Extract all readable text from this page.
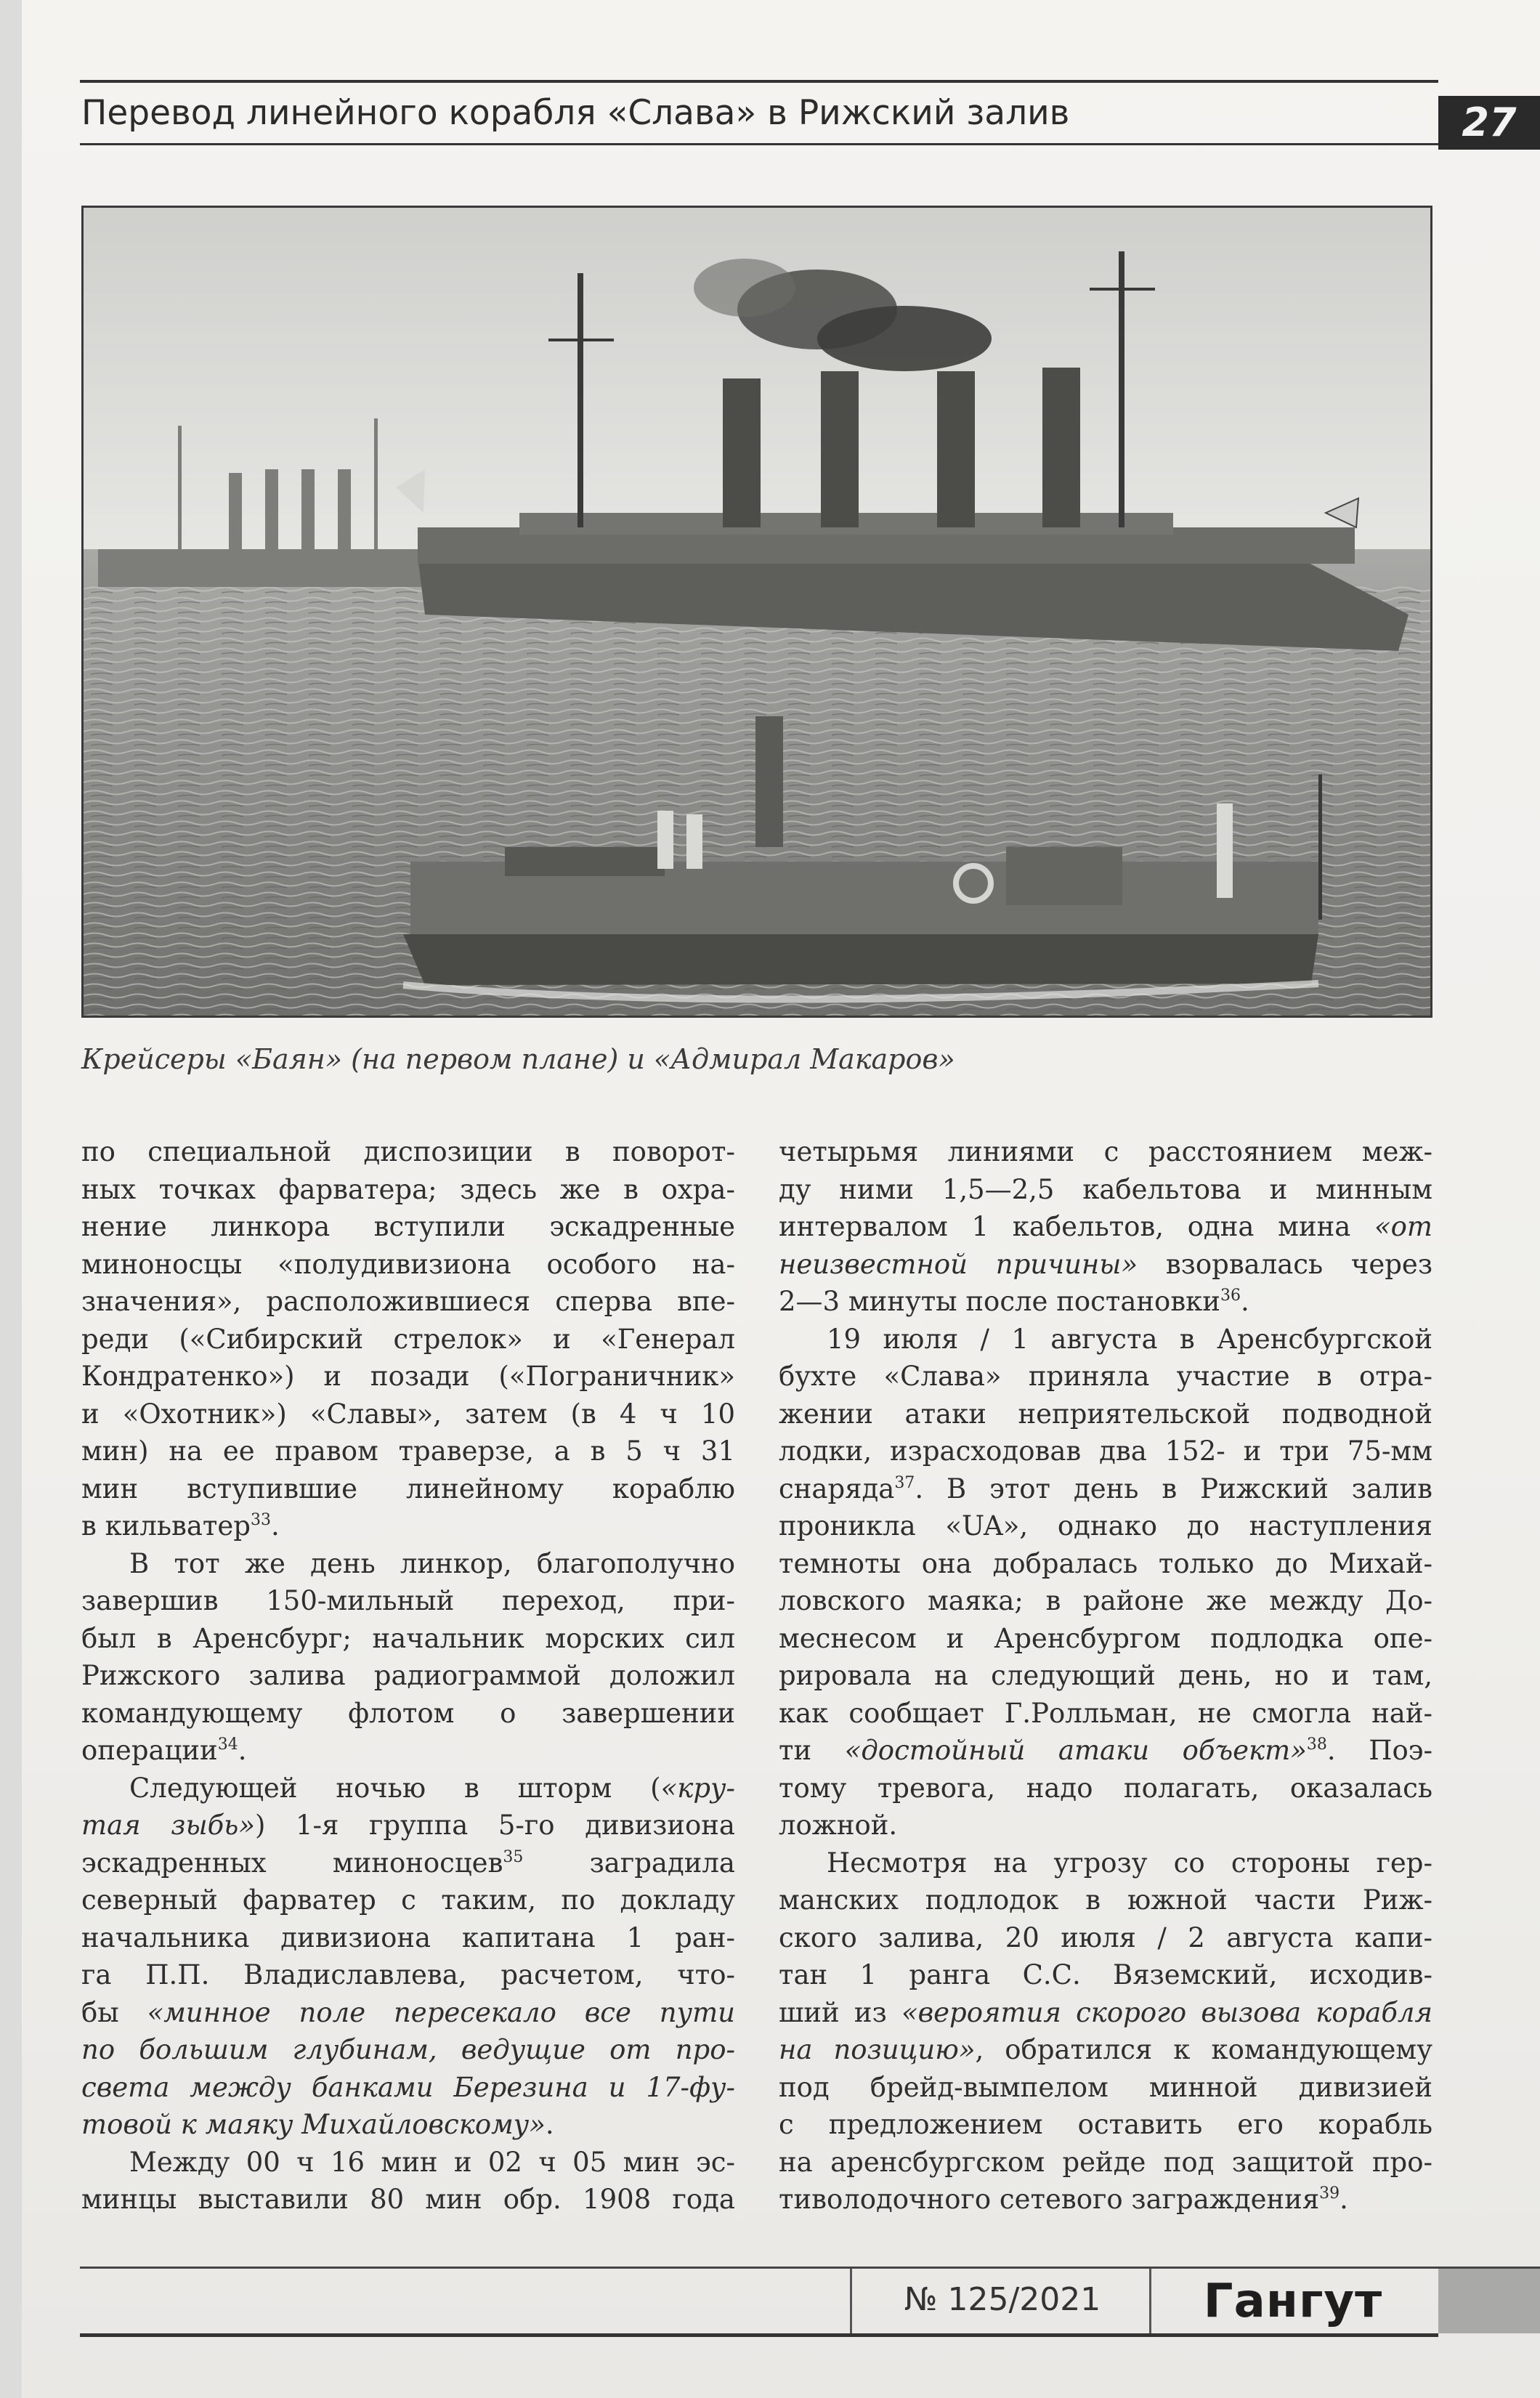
Перевод линейного корабля «Слава» в Рижский залив	27
Крейсеры «Баян» (на первом плане) и «Адмирал Макаров»
по специальной диспозиции в поворот-
ных точках фарватера; здесь же в охра-
нение линкора вступили эскадренные
миноносцы «полудивизиона особого на-
значения», расположившиеся сперва впе-
реди («Сибирский стрелок» и «Генерал
Кондратенко») и позади («Пограничник»
и «Охотник») «Славы», затем (в 4 ч 10
мин) на ее правом траверзе, а в 5 ч 31
мин вступившие линейному кораблю
в кильватер$^{33}$.
В тот же день линкор, благополучно
завершив 150-мильный переход, при-
был в Аренсбург; начальник морских сил
Рижского залива радиограммой доложил
командующему флотом о завершении
операции$^{34}$.
Следующей ночью в шторм («кру-
тая зыбь») 1-я группа 5-го дивизиона
эскадренных миноносцев$^{35}$ заградила
северный фарватер с таким, по докладу
начальника дивизиона капитана 1 ран-
га П.П. Владиславлева, расчетом, что-
бы «минное поле пересекало все пути
по большим глубинам, ведущие от про-
света между банками Березина и 17-фу-
товой к маяку Михайловскому».
Между 00 ч 16 мин и 02 ч 05 мин эс-
минцы выставили 80 мин обр. 1908 года
четырьмя линиями с расстоянием меж-
ду ними 1,5—2,5 кабельтова и минным
интервалом 1 кабельтов, одна мина «от
неизвестной причины» взорвалась через
2—3 минуты после постановки$^{36}$.
19 июля / 1 августа в Аренсбургской
бухте «Слава» приняла участие в отра-
жении атаки неприятельской подводной
лодки, израсходовав два 152- и три 75-мм
снаряда$^{37}$. В этот день в Рижский залив
проникла «UA», однако до наступления
темноты она добралась только до Михай-
ловского маяка; в районе же между До-
меснесом и Аренсбургом подлодка опе-
рировала на следующий день, но и там,
как сообщает Г.Ролльман, не смогла най-
ти «достойный атаки объект»$^{38}$. Поэ-
тому тревога, надо полагать, оказалась
ложной.
Несмотря на угрозу со стороны гер-
манских подлодок в южной части Риж-
ского залива, 20 июля / 2 августа капи-
тан 1 ранга С.С. Вяземский, исходив-
ший из «вероятия скорого вызова корабля
на позицию», обратился к командующему
под брейд-вымпелом минной дивизией
с предложением оставить его корабль
на аренсбургском рейде под защитой про-
тиволодочного сетевого заграждения$^{39}$.
№ 125/2021	Гангут
